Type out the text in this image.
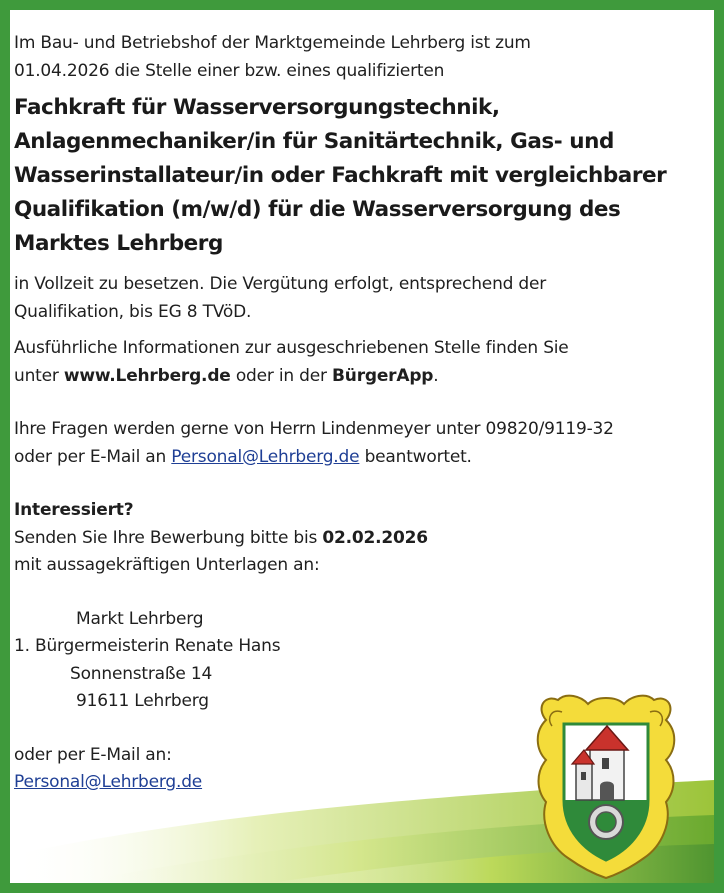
Im Bau- und Betriebshof der Marktgemeinde Lehrberg ist zum

01.04.2026 die Stelle einer bzw. eines qualifizierten

Fachkraft für Wasserversorgungstechnik,
Anlagenmechaniker/in für Sanitärtechnik, Gas- und
Wasserinstallateur/in oder Fachkraft mit vergleichbarer
Qualifikation (m/w/d) für die Wasserversorgung des
Marktes Lehrberg

in Vollzeit zu besetzen. Die Vergütung erfolgt, entsprechend der

Qualifikation, bis EG 8 TVöD.

Ausführliche Informationen zur ausgeschriebenen Stelle finden Sie

unter www.Lehrberg.de oder in der BürgerApp.

Ihre Fragen werden gerne von Herrn Lindenmeyer unter 09820/9119-32

oder per E-Mail an Personal@Lehrberg.de beantwortet.

Interessiert?

Senden Sie Ihre Bewerbung bitte bis 02.02.2026

mit aussagekräftigen Unterlagen an:

Markt Lehrberg

1. Bürgermeisterin Renate Hans

Sonnenstraße 14

91611 Lehrberg

oder per E-Mail an:

Personal@Lehrberg.de
